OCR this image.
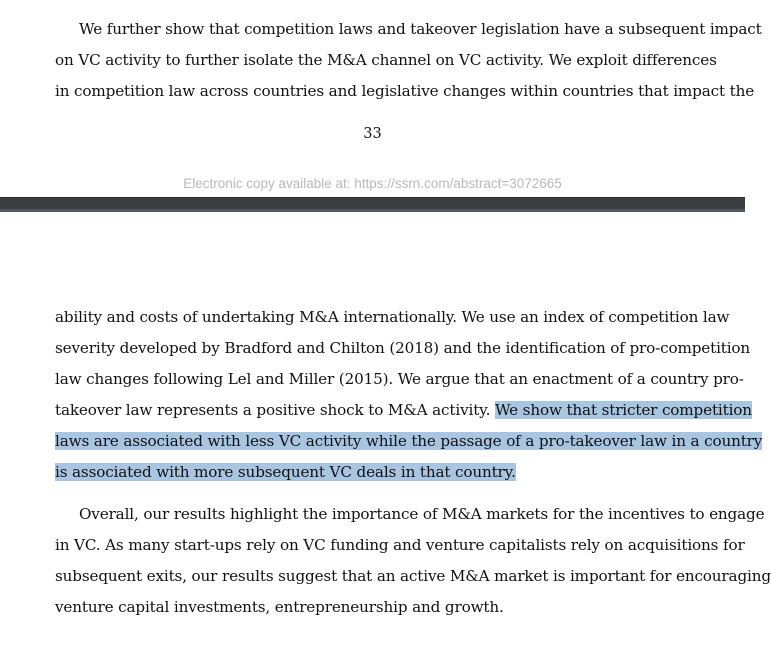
We further show that competition laws and takeover legislation have a subsequent impact
on VC activity to further isolate the M&A channel on VC activity. We exploit differences
in competition law across countries and legislative changes within countries that impact the

33
Electronic copy available at: https://ssrn.com/abstract=3072665

ability and costs of undertaking M&A internationally. We use an index of competition law
severity developed by Bradford and Chilton (2018) and the identification of pro-competition
law changes following Lel and Miller (2015). We argue that an enactment of a country pro-
takeover law represents a positive shock to M&A activity. We show that stricter competition
laws are associated with less VC activity while the passage of a pro-takeover law in a country
is associated with more subsequent VC deals in that country.

Overall, our results highlight the importance of M&A markets for the incentives to engage
in VC. As many start-ups rely on VC funding and venture capitalists rely on acquisitions for
subsequent exits, our results suggest that an active M&A market is important for encouraging
venture capital investments, entrepreneurship and growth.
